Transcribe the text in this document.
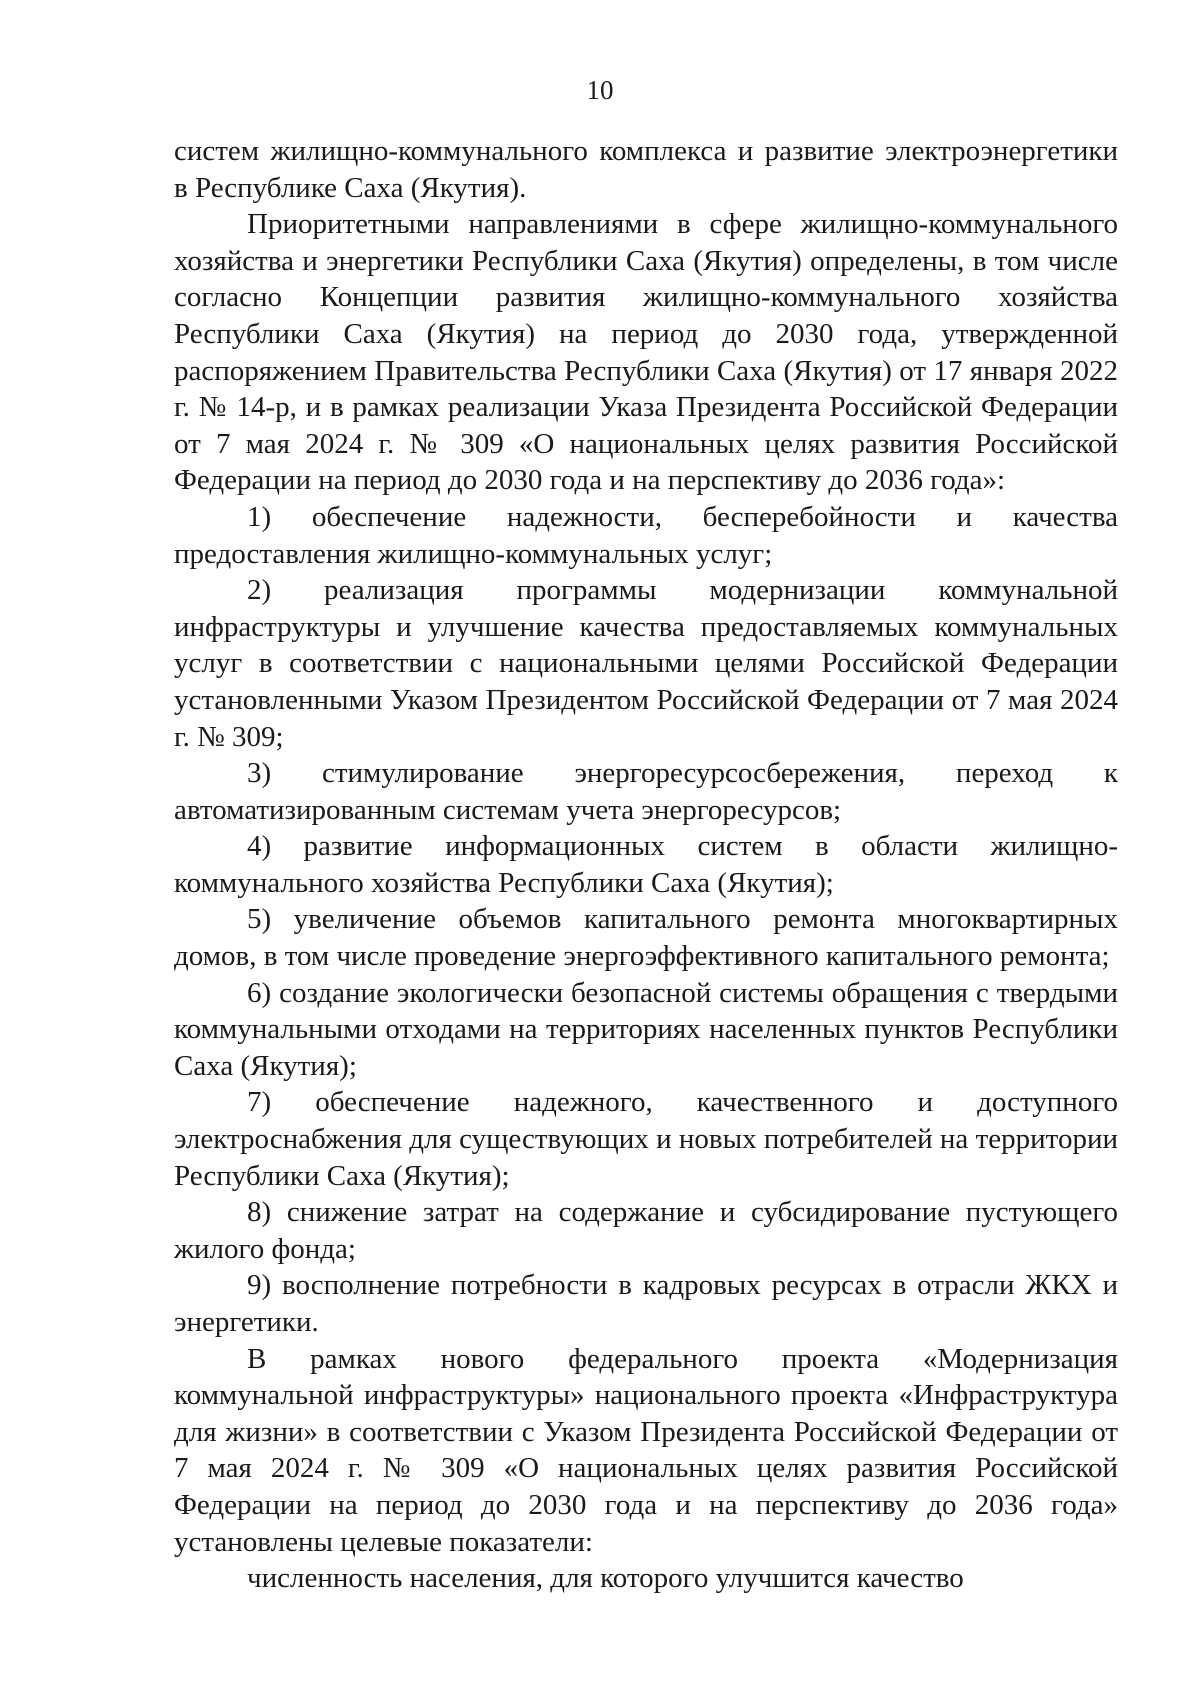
10

систем жилищно-коммунального комплекса и развитие электроэнергетики в Республике Саха (Якутия).

Приоритетными направлениями в сфере жилищно-коммунального хозяйства и энергетики Республики Саха (Якутия) определены, в том числе согласно Концепции развития жилищно-коммунального хозяйства Республики Саха (Якутия) на период до 2030 года, утвержденной распоряжением Правительства Республики Саха (Якутия) от 17 января 2022 г. № 14-р, и в рамках реализации Указа Президента Российской Федерации от 7 мая 2024 г. № 309 «О национальных целях развития Российской Федерации на период до 2030 года и на перспективу до 2036 года»:

1) обеспечение надежности, бесперебойности и качества предоставления жилищно-коммунальных услуг;

2) реализация программы модернизации коммунальной инфраструктуры и улучшение качества предоставляемых коммунальных услуг в соответствии с национальными целями Российской Федерации установленными Указом Президентом Российской Федерации от 7 мая 2024 г. № 309;

3) стимулирование энергоресурсосбережения, переход к автоматизированным системам учета энергоресурсов;

4) развитие информационных систем в области жилищно-коммунального хозяйства Республики Саха (Якутия);

5) увеличение объемов капитального ремонта многоквартирных домов, в том числе проведение энергоэффективного капитального ремонта;

6) создание экологически безопасной системы обращения с твердыми коммунальными отходами на территориях населенных пунктов Республики Саха (Якутия);

7) обеспечение надежного, качественного и доступного электроснабжения для существующих и новых потребителей на территории Республики Саха (Якутия);

8) снижение затрат на содержание и субсидирование пустующего жилого фонда;

9) восполнение потребности в кадровых ресурсах в отрасли ЖКХ и энергетики.

В рамках нового федерального проекта «Модернизация коммунальной инфраструктуры» национального проекта «Инфраструктура для жизни» в соответствии с Указом Президента Российской Федерации от 7 мая 2024 г. № 309 «О национальных целях развития Российской Федерации на период до 2030 года и на перспективу до 2036 года» установлены целевые показатели:

численность населения, для которого улучшится качество
